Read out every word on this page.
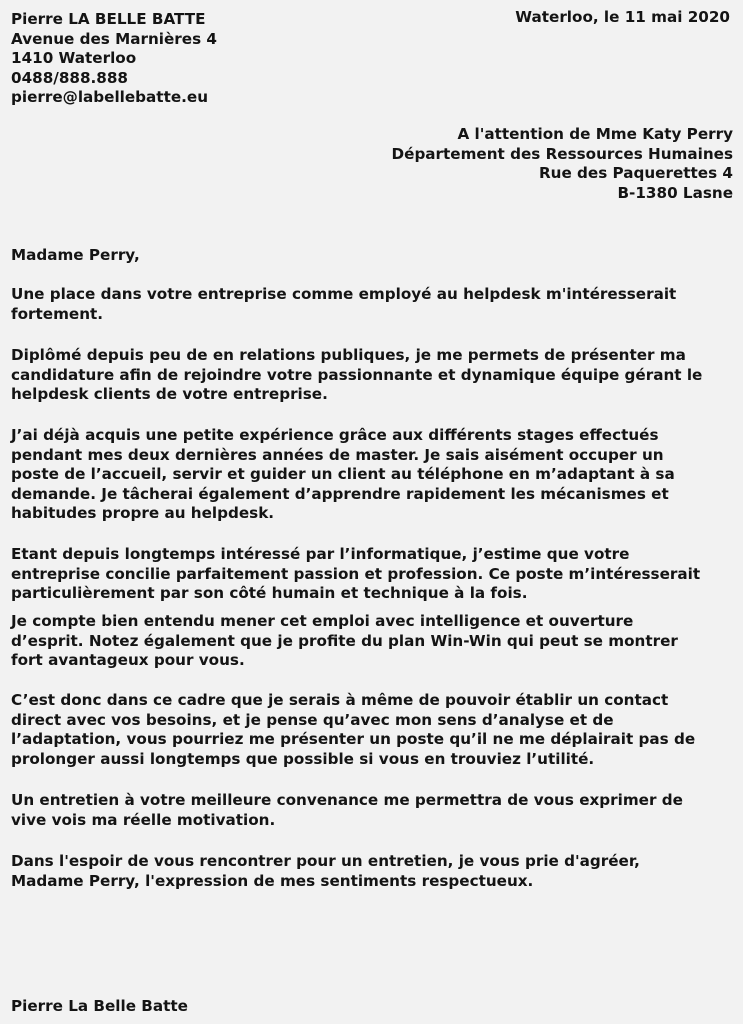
Pierre LA BELLE BATTE
Avenue des Marnières 4
1410 Waterloo
0488/888.888
pierre@labellebatte.eu
Waterloo, le 11 mai 2020
A l'attention de Mme Katy Perry
Département des Ressources Humaines
Rue des Paquerettes 4
B-1380 Lasne
Madame Perry,
Une place dans votre entreprise comme employé au helpdesk m'intéresserait
fortement.
Diplômé depuis peu de en relations publiques, je me permets de présenter ma
candidature afin de rejoindre votre passionnante et dynamique équipe gérant le
helpdesk clients de votre entreprise.
J’ai déjà acquis une petite expérience grâce aux différents stages effectués
pendant mes deux dernières années de master. Je sais aisément occuper un
poste de l’accueil, servir et guider un client au téléphone en m’adaptant à sa
demande. Je tâcherai également d’apprendre rapidement les mécanismes et
habitudes propre au helpdesk.
Etant depuis longtemps intéressé par l’informatique, j’estime que votre
entreprise concilie parfaitement passion et profession. Ce poste m’intéresserait
particulièrement par son côté humain et technique à la fois.
Je compte bien entendu mener cet emploi avec intelligence et ouverture
d’esprit. Notez également que je profite du plan Win-Win qui peut se montrer
fort avantageux pour vous.
C’est donc dans ce cadre que je serais à même de pouvoir établir un contact
direct avec vos besoins, et je pense qu’avec mon sens d’analyse et de
l’adaptation, vous pourriez me présenter un poste qu’il ne me déplairait pas de
prolonger aussi longtemps que possible si vous en trouviez l’utilité.
Un entretien à votre meilleure convenance me permettra de vous exprimer de
vive vois ma réelle motivation.
Dans l'espoir de vous rencontrer pour un entretien, je vous prie d'agréer,
Madame Perry, l'expression de mes sentiments respectueux.
Pierre La Belle Batte
